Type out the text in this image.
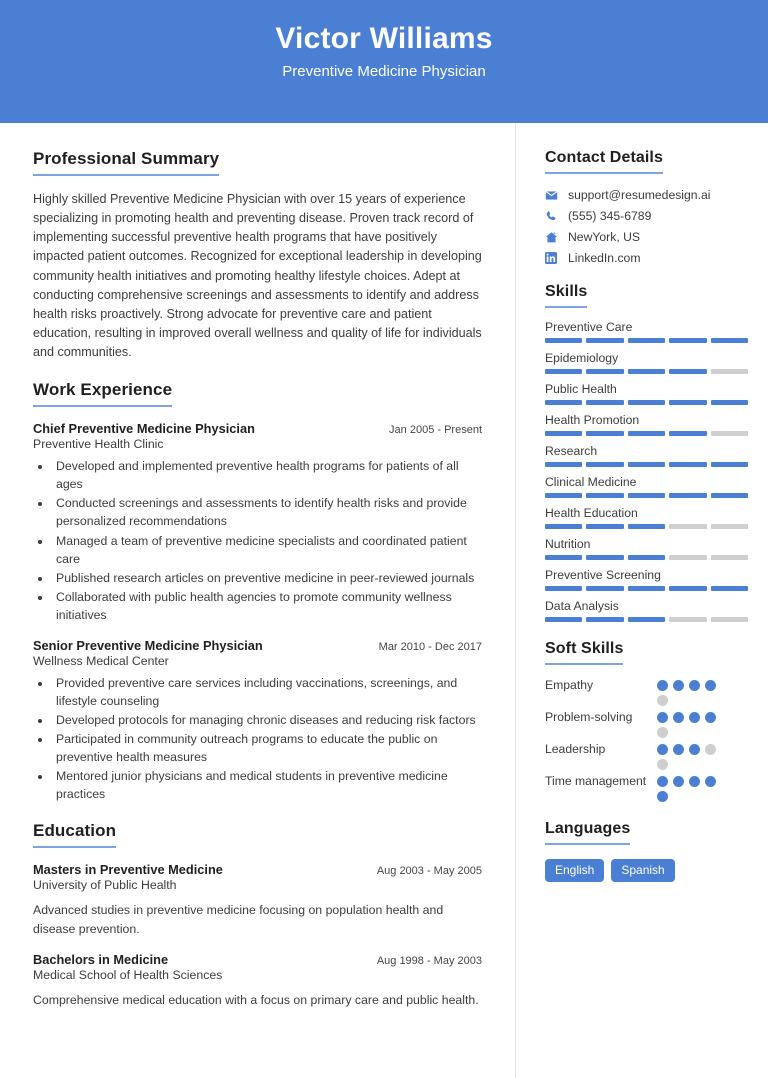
Victor Williams
Preventive Medicine Physician
Professional Summary
Highly skilled Preventive Medicine Physician with over 15 years of experience specializing in promoting health and preventing disease. Proven track record of implementing successful preventive health programs that have positively impacted patient outcomes. Recognized for exceptional leadership in developing community health initiatives and promoting healthy lifestyle choices. Adept at conducting comprehensive screenings and assessments to identify and address health risks proactively. Strong advocate for preventive care and patient education, resulting in improved overall wellness and quality of life for individuals and communities.
Work Experience
Chief Preventive Medicine Physician	Jan 2005 - Present
Preventive Health Clinic
• Developed and implemented preventive health programs for patients of all ages
• Conducted screenings and assessments to identify health risks and provide personalized recommendations
• Managed a team of preventive medicine specialists and coordinated patient care
• Published research articles on preventive medicine in peer-reviewed journals
• Collaborated with public health agencies to promote community wellness initiatives
Senior Preventive Medicine Physician	Mar 2010 - Dec 2017
Wellness Medical Center
• Provided preventive care services including vaccinations, screenings, and lifestyle counseling
• Developed protocols for managing chronic diseases and reducing risk factors
• Participated in community outreach programs to educate the public on preventive health measures
• Mentored junior physicians and medical students in preventive medicine practices
Education
Masters in Preventive Medicine	Aug 2003 - May 2005
University of Public Health
Advanced studies in preventive medicine focusing on population health and disease prevention.
Bachelors in Medicine	Aug 1998 - May 2003
Medical School of Health Sciences
Comprehensive medical education with a focus on primary care and public health.
Contact Details
support@resumedesign.ai
(555) 345-6789
NewYork, US
LinkedIn.com
Skills
Preventive Care
Epidemiology
Public Health
Health Promotion
Research
Clinical Medicine
Health Education
Nutrition
Preventive Screening
Data Analysis
Soft Skills
Empathy
Problem-solving
Leadership
Time management
Languages
English	Spanish
